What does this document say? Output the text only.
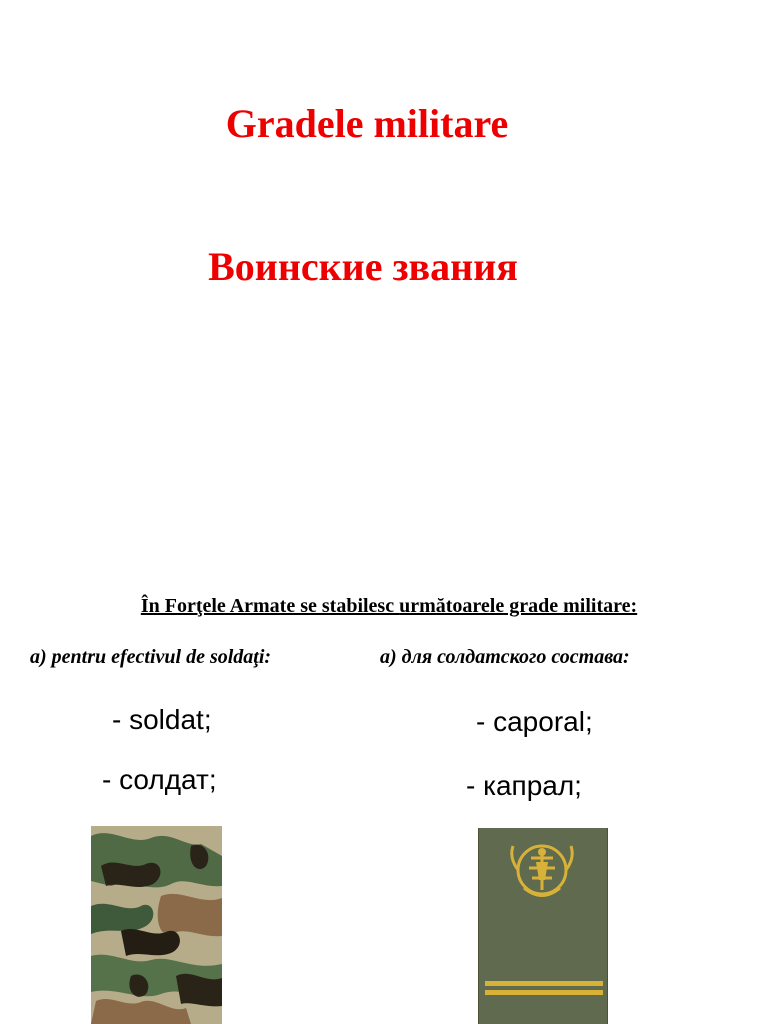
Gradele militare
Воинские звания
În Forţele Armate se stabilesc următoarele grade militare:
a) pentru efectivul de soldaţi:	а) для солдатского состава:
- soldat;
- солдат;
- caporal;
- капрал;
